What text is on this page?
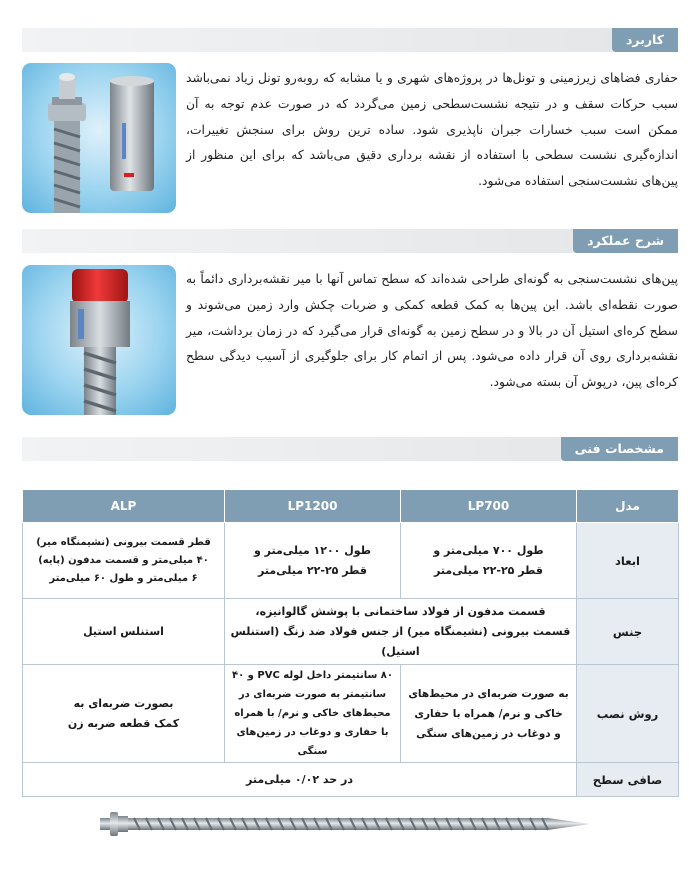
کاربرد
حفاری فضاهای زیرزمینی و تونل‌ها در پروژه‌های شهری و یا مشابه که روبه‌رو تونل زیاد نمی‌باشد سبب حرکات سقف و در نتیجه نشست‌سطحی زمین می‌گردد که در صورت عدم توجه به آن ممکن است سبب خسارات جبران ناپذیری شود. ساده ترین روش برای سنجش تغییرات، اندازه‌گیری نشست سطحی با استفاده از نقشه برداری دقیق می‌باشد که برای این منظور از پین‌های نشست‌سنجی استفاده می‌شود.
شرح عملکرد
پین‌های نشست‌سنجی به گونه‌ای طراحی شده‌اند که سطح تماس آنها با میر نقشه‌برداری دائماً به صورت نقطه‌ای باشد. این پین‌ها به کمک قطعه کمکی و ضربات چکش وارد زمین می‌شوند و سطح کره‌ای استیل آن در بالا و در سطح زمین به گونه‌ای قرار می‌گیرد که در زمان برداشت، میر نقشه‌برداری روی آن قرار داده می‌شود. پس از اتمام کار برای جلوگیری از آسیب دیدگی سطح کره‌ای پین، درپوش آن بسته می‌شود.
مشخصات فنی
مدل	LP700	LP1200	ALP
ابعاد	طول ۷۰۰ میلی‌متر و
قطر ۲۵-۲۲ میلی‌متر	طول ۱۲۰۰ میلی‌متر و
قطر ۲۵-۲۲ میلی‌متر	قطر قسمت بیرونی (نشیمنگاه میر)
۴۰ میلی‌متر و قسمت مدفون (پایه)
۶ میلی‌متر و طول ۶۰ میلی‌متر

جنس	قسمت مدفون از فولاد ساختمانی با پوشش گالوانیزه،
قسمت بیرونی (نشیمنگاه میر) از جنس فولاد ضد زنگ (استنلس استیل)		استنلس استیل

روش نصب	به صورت ضربه‌ای در محیط‌های
خاکی و نرم/ همراه با حفاری
و دوغاب در زمین‌های سنگی	۸۰ سانتیمتر داخل لوله PVC و ۴۰
سانتیمتر به صورت ضربه‌ای در
محیط‌های خاکی و نرم/ با همراه
با حفاری و دوغاب در زمین‌های سنگی	بصورت ضربه‌ای به
کمک قطعه ضربه زن

صافی سطح	در حد ۰/۰۲ میلی‌متر		
